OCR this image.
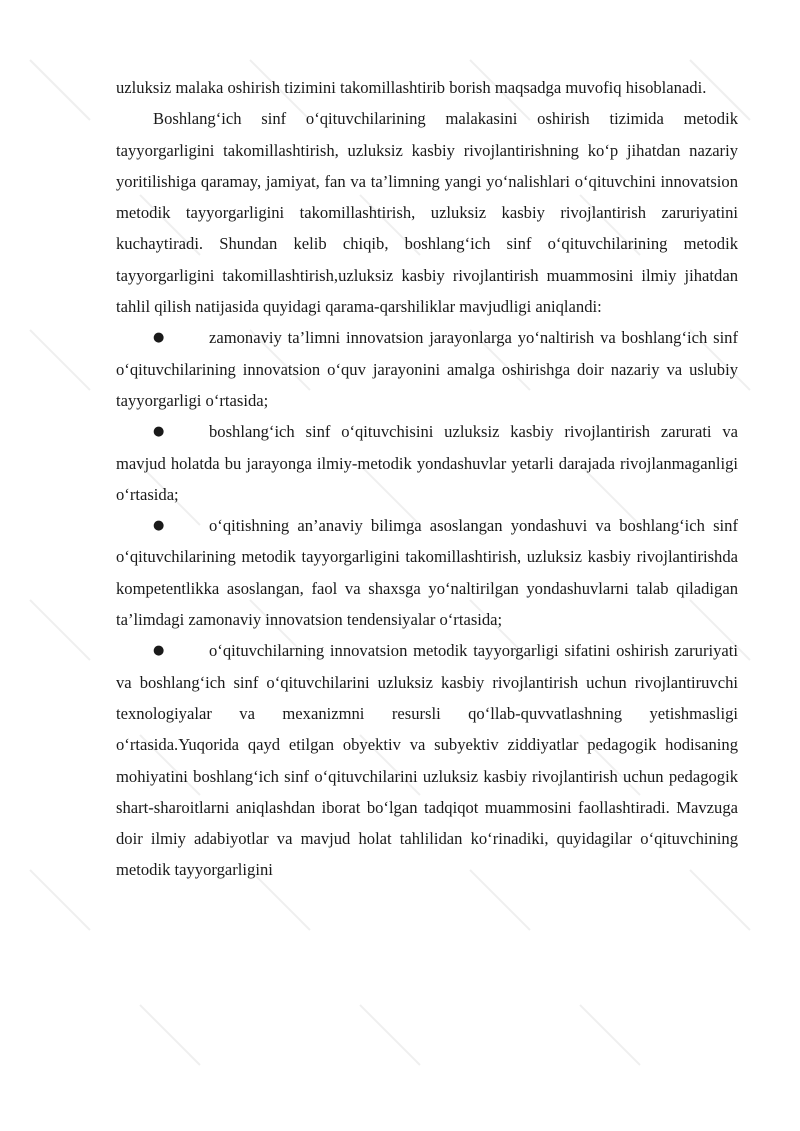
uzluksiz malaka oshirish tizimini takomillashtirib borish maqsadga muvofiq hisoblanadi.

Boshlang‘ich sinf o‘qituvchilarining malakasini oshirish tizimida metodik tayyorgarligini takomillashtirish, uzluksiz kasbiy rivojlantirishning ko‘p jihatdan nazariy yoritilishiga qaramay, jamiyat, fan va ta’limning yangi yo‘nalishlari o‘qituvchini innovatsion metodik tayyorgarligini takomillashtirish, uzluksiz kasbiy rivojlantirish zaruriyatini kuchaytiradi. Shundan kelib chiqib, boshlang‘ich sinf o‘qituvchilarining metodik tayyorgarligini takomillashtirish,uzluksiz kasbiy rivojlantirish muammosini ilmiy jihatdan tahlil qilish natijasida quyidagi qarama-qarshiliklar mavjudligi aniqlandi:

●	zamonaviy ta’limni innovatsion jarayonlarga yo‘naltirish va boshlang‘ich sinf o‘qituvchilarining innovatsion o‘quv jarayonini amalga oshirishga doir nazariy va uslubiy tayyorgarligi o‘rtasida;

●	boshlang‘ich sinf o‘qituvchisini uzluksiz kasbiy rivojlantirish zarurati va mavjud holatda bu jarayonga ilmiy-metodik yondashuvlar yetarli darajada rivojlanmaganligi o‘rtasida;

●	o‘qitishning an’anaviy bilimga asoslangan yondashuvi va boshlang‘ich sinf o‘qituvchilarining metodik tayyorgarligini takomillashtirish, uzluksiz kasbiy rivojlantirishda kompetentlikka asoslangan, faol va shaxsga yo‘naltirilgan yondashuvlarni talab qiladigan ta’limdagi zamonaviy innovatsion tendensiyalar o‘rtasida;

●	o‘qituvchilarning innovatsion metodik tayyorgarligi sifatini oshirish zaruriyati va boshlang‘ich sinf o‘qituvchilarini uzluksiz kasbiy rivojlantirish uchun rivojlantiruvchi texnologiyalar va mexanizmni resursli qo‘llab-quvvatlashning yetishmasligi o‘rtasida.Yuqorida qayd etilgan obyektiv va subyektiv ziddiyatlar pedagogik hodisaning mohiyatini boshlang‘ich sinf o‘qituvchilarini uzluksiz kasbiy rivojlantirish uchun pedagogik shart-sharoitlarni aniqlashdan iborat bo‘lgan tadqiqot muammosini faollashtiradi. Mavzuga doir ilmiy adabiyotlar va mavjud holat tahlilidan ko‘rinadiki, quyidagilar o‘qituvchining metodik tayyorgarligini
